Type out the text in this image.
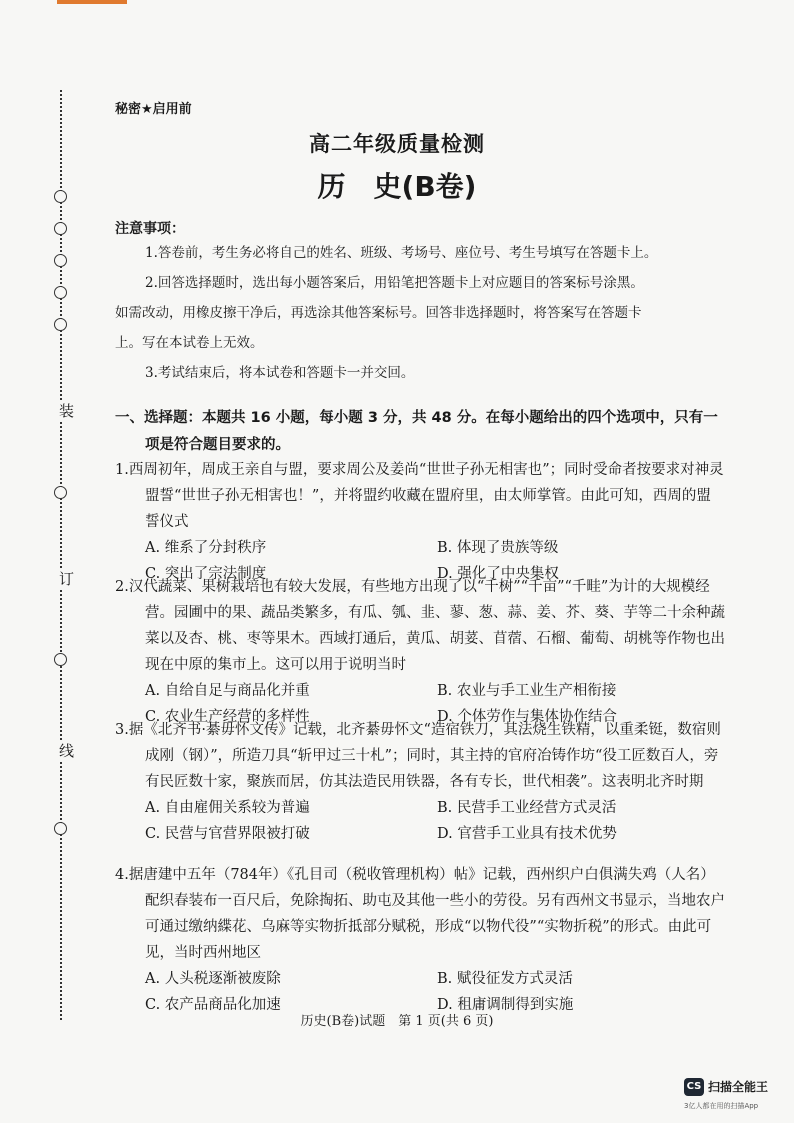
装
订
线
秘密★启用前
高二年级质量检测
历 史(B卷)
注意事项：
1.答卷前，考生务必将自己的姓名、班级、考场号、座位号、考生号填写在答题卡上。
2.回答选择题时，选出每小题答案后，用铅笔把答题卡上对应题目的答案标号涂黑。
如需改动，用橡皮擦干净后，再选涂其他答案标号。回答非选择题时，将答案写在答题卡
上。写在本试卷上无效。
3.考试结束后，将本试卷和答题卡一并交回。
一、选择题：本题共 16 小题，每小题 3 分，共 48 分。在每小题给出的四个选项中，只有一
项是符合题目要求的。
1.西周初年，周成王亲自与盟，要求周公及姜尚“世世子孙无相害也”；同时受命者按要求对神灵盟誓“世世子孙无相害也！”，并将盟约收藏在盟府里，由太师掌管。由此可知，西周的盟誓仪式
A. 维系了分封秩序	B. 体现了贵族等级
C. 突出了宗法制度	D. 强化了中央集权
2.汉代蔬菜、果树栽培也有较大发展，有些地方出现了以“千树”“千亩”“千畦”为计的大规模经营。园圃中的果、蔬品类繁多，有瓜、瓠、韭、蓼、葱、蒜、姜、芥、葵、芋等二十余种蔬菜以及杏、桃、枣等果木。西域打通后，黄瓜、胡荽、苜蓿、石榴、葡萄、胡桃等作物也出现在中原的集市上。这可以用于说明当时
A. 自给自足与商品化并重	B. 农业与手工业生产相衔接
C. 农业生产经营的多样性	D. 个体劳作与集体协作结合
3.据《北齐书·綦毋怀文传》记载，北齐綦毋怀文“造宿铁刀，其法烧生铁精，以重柔铤，数宿则成刚（钢）”，所造刀具“斩甲过三十札”；同时，其主持的官府冶铸作坊“役工匠数百人，旁有民匠数十家，聚族而居，仿其法造民用铁器，各有专长，世代相袭”。这表明北齐时期
A. 自由雇佣关系较为普遍	B. 民营手工业经营方式灵活
C. 民营与官营界限被打破	D. 官营手工业具有技术优势
4.据唐建中五年（784年）《孔目司（税收管理机构）帖》记载，西州织户白俱满失鸡（人名）配织春装布一百尺后，免除掏拓、助屯及其他一些小的劳役。另有西州文书显示，当地农户可通过缴纳緤花、乌麻等实物折抵部分赋税，形成“以物代役”“实物折税”的形式。由此可见，当时西州地区
A. 人头税逐渐被废除	B. 赋役征发方式灵活
C. 农产品商品化加速	D. 租庸调制得到实施
历史(B卷)试题　第 1 页(共 6 页)
CS 扫描全能王
3亿人都在用的扫描App
